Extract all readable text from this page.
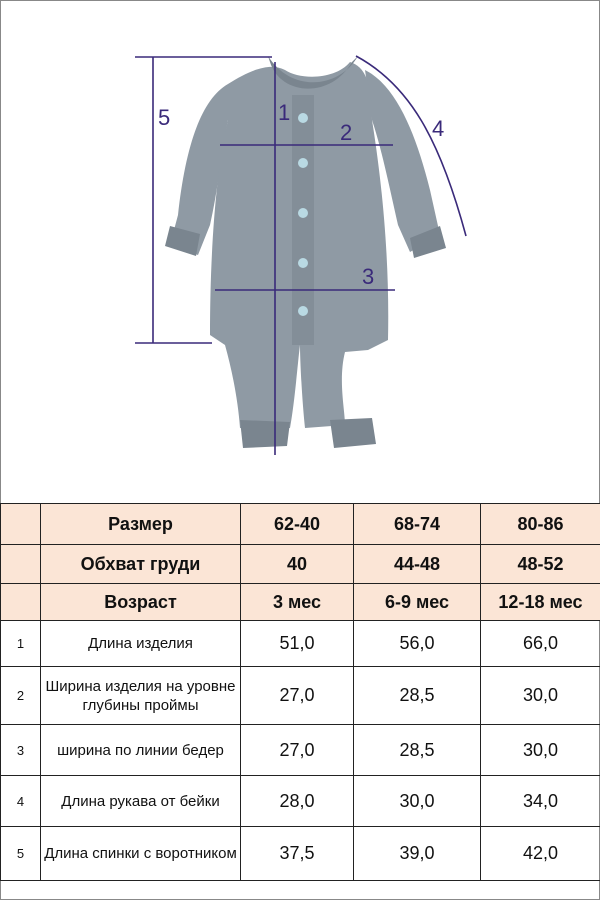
5	1
2
3
4
	Размер	62-40	68-74	80-86
	Обхват груди	40	44-48	48-52
	Возраст	3 мес	6-9 мес	12-18 мес
1	Длина изделия	51,0	56,0	66,0
2	Ширина изделия на уровне глубины проймы	27,0	28,5	30,0
3	ширина по линии бедер	27,0	28,5	30,0
4	Длина рукава от бейки	28,0	30,0	34,0
5	Длина спинки с воротником	37,5	39,0	42,0
